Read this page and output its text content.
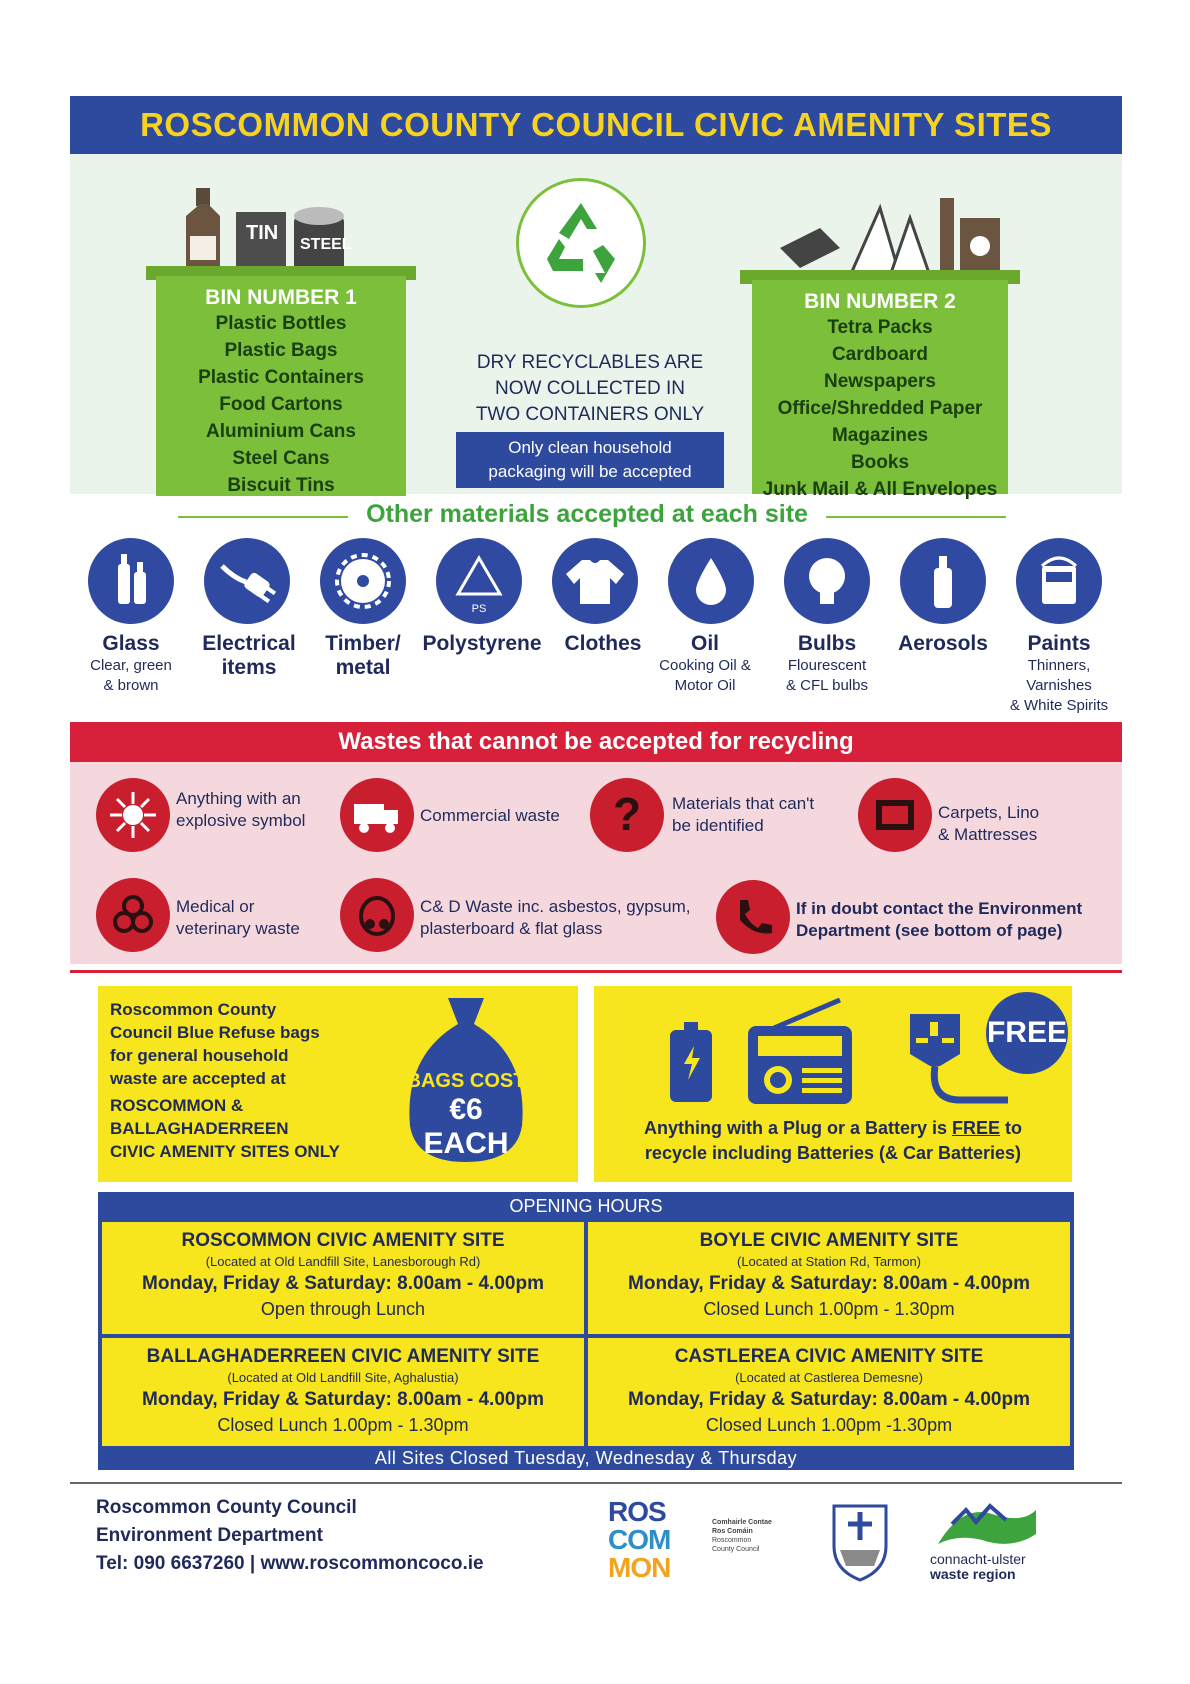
ROSCOMMON COUNTY COUNCIL CIVIC AMENITY SITES
TIN
STEEL
BIN NUMBER 1
Plastic Bottles
Plastic Bags
Plastic Containers
Food Cartons
Aluminium Cans
Steel Cans
Biscuit Tins
DRY RECYCLABLES ARE
NOW COLLECTED IN
TWO CONTAINERS ONLY
Only clean household
packaging will be accepted
BIN NUMBER 2
Tetra Packs
Cardboard
Newspapers
Office/Shredded Paper
Magazines
Books
Junk Mail & All Envelopes
Other materials accepted at each site
PS
Glass
Clear, green
& brown
Electrical
items
Timber/
metal
Polystyrene	Clothes	Oil
Cooking Oil &
Motor Oil
Bulbs
Flourescent
& CFL bulbs
Aerosols	Paints
Thinners,
Varnishes
& White Spirits
Wastes that cannot be accepted for recycling
Anything with an
explosive symbol	Commercial waste ? Materials that can't
be identified
Carpets, Lino
& Mattresses
Medical or
veterinary waste
C& D Waste inc. asbestos, gypsum,
plasterboard & flat glass
If in doubt contact the Environment
Department (see bottom of page)
Roscommon County
Council Blue Refuse bags
for general household
waste are accepted at
ROSCOMMON &
BALLAGHADERREEN
CIVIC AMENITY SITES ONLY
BAGS COST
€6 EACH
FREE
Anything with a Plug or a Battery is FREE to
recycle including Batteries (& Car Batteries)
OPENING HOURS
ROSCOMMON CIVIC AMENITY SITE
(Located at Old Landfill Site, Lanesborough Rd)
Monday, Friday & Saturday: 8.00am - 4.00pm
Open through Lunch
BOYLE CIVIC AMENITY SITE
(Located at Station Rd, Tarmon)
Monday, Friday & Saturday: 8.00am - 4.00pm
Closed Lunch 1.00pm - 1.30pm
BALLAGHADERREEN CIVIC AMENITY SITE
(Located at Old Landfill Site, Aghalustia)
Monday, Friday & Saturday: 8.00am - 4.00pm
Closed Lunch 1.00pm - 1.30pm
CASTLEREA CIVIC AMENITY SITE
(Located at Castlerea Demesne)
Monday, Friday & Saturday: 8.00am - 4.00pm
Closed Lunch 1.00pm -1.30pm
All Sites Closed Tuesday, Wednesday & Thursday
Roscommon County Council
Environment Department
Tel: 090 6637260 | www.roscommoncoco.ie
ROS
COM
MON
Comhairle Contae
Ros Comáin
Roscommon
County Council
connacht-ulster
waste region
